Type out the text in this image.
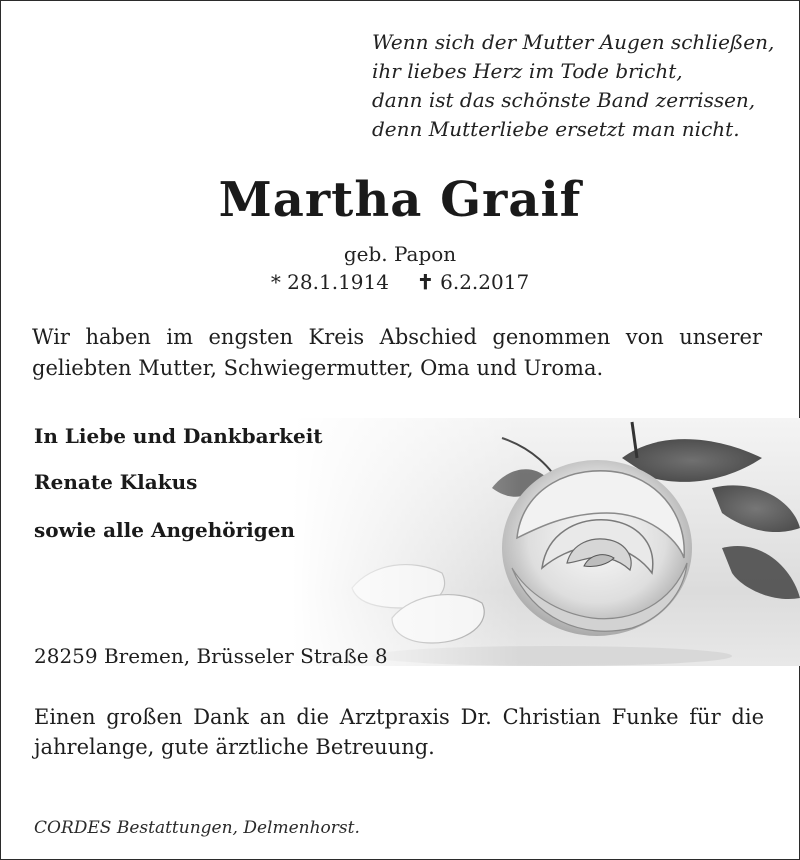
Wenn sich der Mutter Augen schließen,
ihr liebes Herz im Tode bricht,
dann ist das schönste Band zerrissen,
denn Mutterliebe ersetzt man nicht.
Martha Graif
geb. Papon
* 28.1.1914 ✝ 6.2.2017
Wir haben im engsten Kreis Abschied genommen von unserer geliebten Mutter, Schwiegermutter, Oma und Uroma.
In Liebe und Dankbarkeit
Renate Klakus
sowie alle Angehörigen
28259 Bremen, Brüsseler Straße 8
Einen großen Dank an die Arztpraxis Dr. Christian Funke für die jahrelange, gute ärztliche Betreuung.
CORDES Bestattungen, Delmenhorst.
